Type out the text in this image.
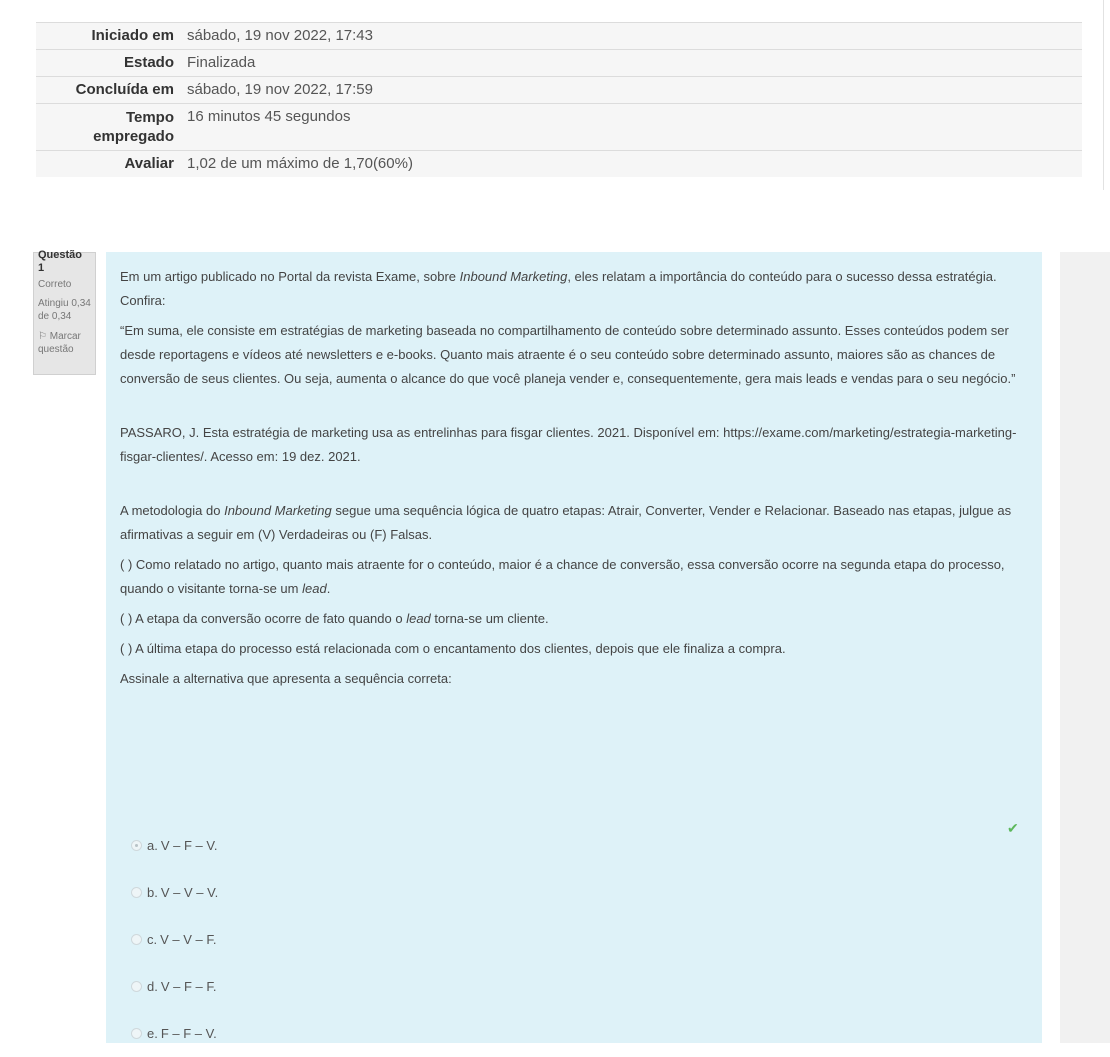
Iniciado em	sábado, 19 nov 2022, 17:43
Estado	Finalizada
Concluída em	sábado, 19 nov 2022, 17:59
Tempo empregado	16 minutos 45 segundos
Avaliar	1,02 de um máximo de 1,70(60%)
Questão 1
Correto
Atingiu 0,34 de 0,34
⚐ Marcar questão

Em um artigo publicado no Portal da revista Exame, sobre Inbound Marketing, eles relatam a importância do conteúdo para o sucesso dessa estratégia. Confira:

“Em suma, ele consiste em estratégias de marketing baseada no compartilhamento de conteúdo sobre determinado assunto. Esses conteúdos podem ser desde reportagens e vídeos até newsletters e e-books. Quanto mais atraente é o seu conteúdo sobre determinado assunto, maiores são as chances de conversão de seus clientes. Ou seja, aumenta o alcance do que você planeja vender e, consequentemente, gera mais leads e vendas para o seu negócio.”

PASSARO, J. Esta estratégia de marketing usa as entrelinhas para fisgar clientes. 2021. Disponível em: https://exame.com/marketing/estrategia-marketing-fisgar-clientes/. Acesso em: 19 dez. 2021.

A metodologia do Inbound Marketing segue uma sequência lógica de quatro etapas: Atrair, Converter, Vender e Relacionar. Baseado nas etapas, julgue as afirmativas a seguir em (V) Verdadeiras ou (F) Falsas.

( ) Como relatado no artigo, quanto mais atraente for o conteúdo, maior é a chance de conversão, essa conversão ocorre na segunda etapa do processo, quando o visitante torna-se um lead.

( ) A etapa da conversão ocorre de fato quando o lead torna-se um cliente.

( ) A última etapa do processo está relacionada com o encantamento dos clientes, depois que ele finaliza a compra.

Assinale a alternativa que apresenta a sequência correta:

a. V – F – V.
b. V – V – V.
c. V – V – F.
d. V – F – F.
e. F – F – V.
✔
